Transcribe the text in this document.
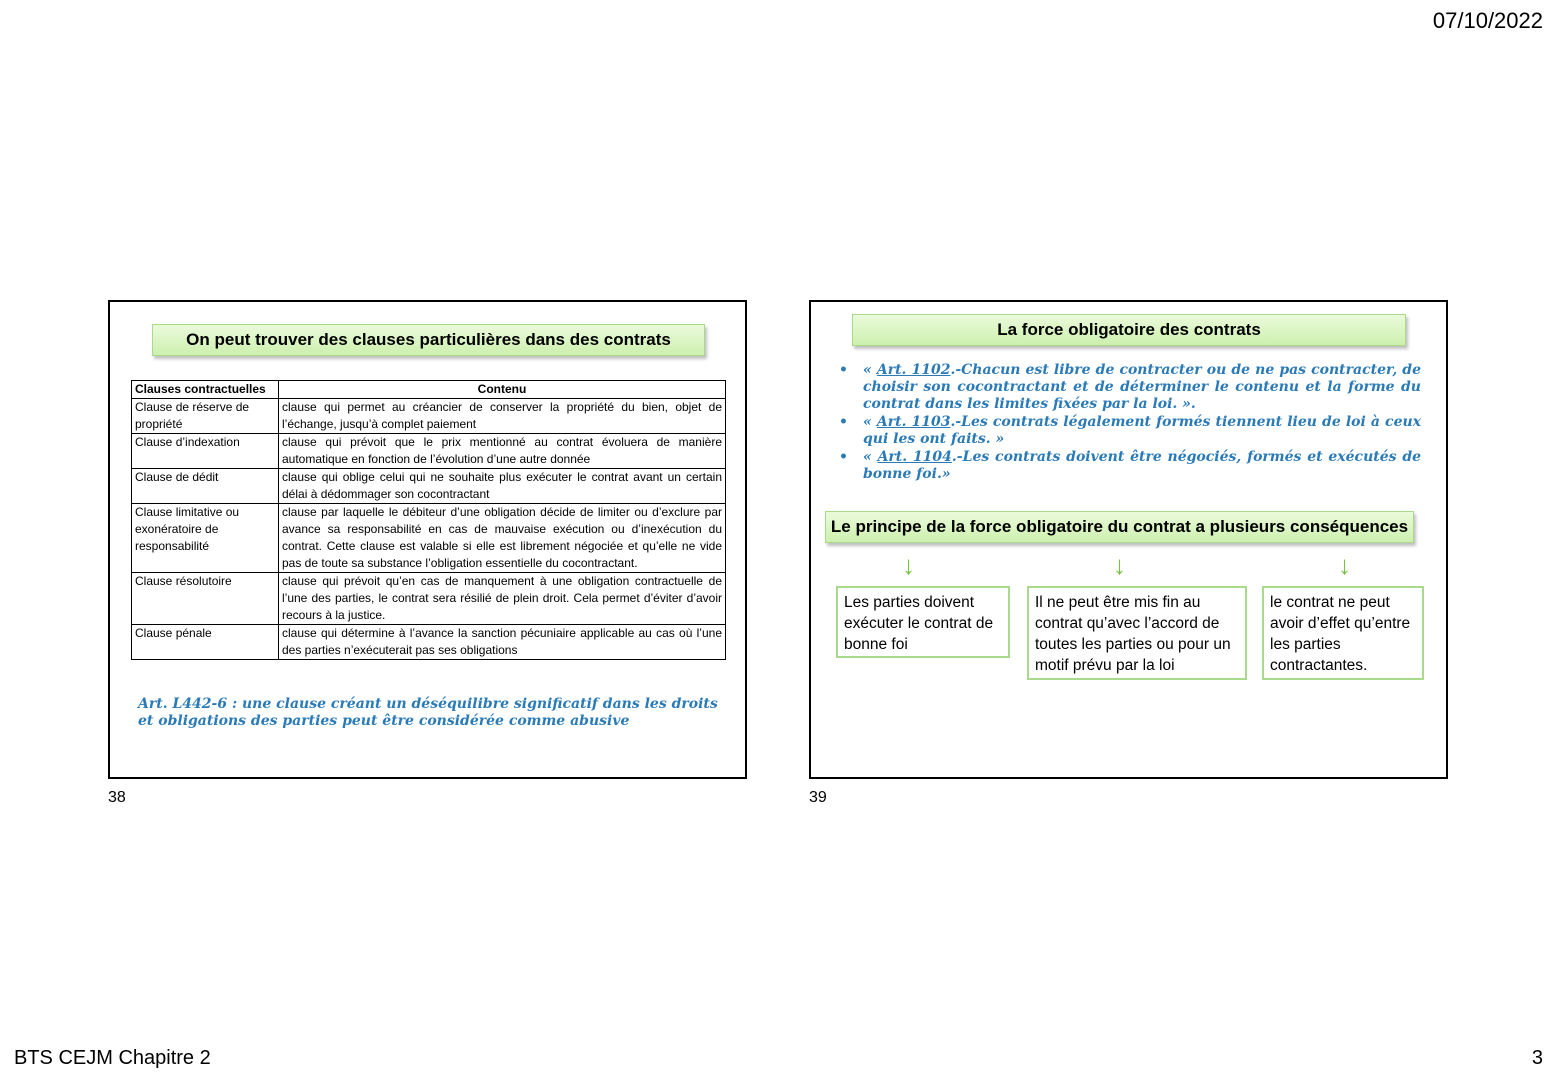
07/10/2022
On peut trouver des clauses particulières dans des contrats
Clauses contractuelles	Contenu
Clause de réserve de propriété	clause qui permet au créancier de conserver la propriété du bien, objet de l’échange, jusqu’à complet paiement
Clause d’indexation	clause qui prévoit que le prix mentionné au contrat évoluera de manière automatique en fonction de l’évolution d’une autre donnée
Clause de dédit	clause qui oblige celui qui ne souhaite plus exécuter le contrat avant un certain délai à dédommager son cocontractant
Clause limitative ou exonératoire de responsabilité	clause par laquelle le débiteur d’une obligation décide de limiter ou d’exclure par avance sa responsabilité en cas de mauvaise exécution ou d’inexécution du contrat. Cette clause est valable si elle est librement négociée et qu’elle ne vide pas de toute sa substance l’obligation essentielle du cocontractant.
Clause résolutoire	clause qui prévoit qu’en cas de manquement à une obligation contractuelle de l’une des parties, le contrat sera résilié de plein droit. Cela permet d’éviter d’avoir recours à la justice.
Clause pénale	clause qui détermine à l’avance la sanction pécuniaire applicable au cas où l’une des parties n’exécuterait pas ses obligations
Art. L442-6 : une clause créant un déséquilibre significatif dans les droits et obligations des parties peut être considérée comme abusive
38
La force obligatoire des contrats
• « Art. 1102.-Chacun est libre de contracter ou de ne pas contracter, de choisir son cocontractant et de déterminer le contenu et la forme du contrat dans les limites fixées par la loi. ».
• « Art. 1103.-Les contrats légalement formés tiennent lieu de loi à ceux qui les ont faits. »
• « Art. 1104.-Les contrats doivent être négociés, formés et exécutés de bonne foi.»
Le principe de la force obligatoire du contrat a plusieurs conséquences
↓	↓	↓
Les parties doivent exécuter le contrat de bonne foi
Il ne peut être mis fin au contrat qu’avec l’accord de toutes les parties ou pour un motif prévu par la loi
le contrat ne peut avoir d’effet qu’entre les parties contractantes.
39
BTS CEJM Chapitre 2	3
